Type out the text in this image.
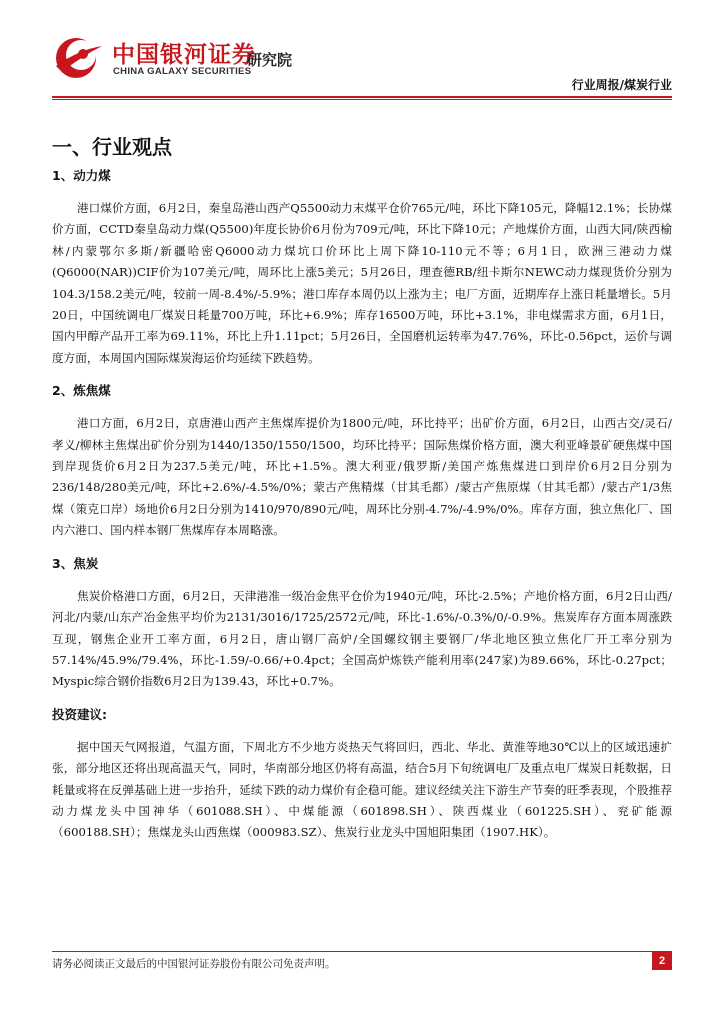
中国银河证券
CHINA GALAXY SECURITIES
研究院
行业周报/煤炭行业
一、行业观点
1、动力煤

港口煤价方面，6月2日，秦皇岛港山西产Q5500动力末煤平仓价765元/吨，环比下降105元，降幅12.1%；长协煤价方面，CCTD秦皇岛动力煤(Q5500)年度长协价6月份为709元/吨，环比下降10元；产地煤价方面，山西大同/陕西榆林/内蒙鄂尔多斯/新疆哈密Q6000动力煤坑口价环比上周下降10-110元不等；6月1日，欧洲三港动力煤(Q6000(NAR))CIF价为107美元/吨，周环比上涨5美元；5月26日，理查德RB/纽卡斯尔NEWC动力煤现货价分别为104.3/158.2美元/吨，较前一周-8.4%/-5.9%；港口库存本周仍以上涨为主；电厂方面，近期库存上涨日耗量增长。5月20日，中国统调电厂煤炭日耗量700万吨，环比+6.9%；库存16500万吨，环比+3.1%，非电煤需求方面，6月1日，国内甲醇产品开工率为69.11%，环比上升1.11pct；5月26日，全国磨机运转率为47.76%，环比-0.56pct，运价与调度方面，本周国内国际煤炭海运价均延续下跌趋势。

2、炼焦煤

港口方面，6月2日，京唐港山西产主焦煤库提价为1800元/吨，环比持平；出矿价方面，6月2日，山西古交/灵石/孝义/柳林主焦煤出矿价分别为1440/1350/1550/1500，均环比持平；国际焦煤价格方面，澳大利亚峰景矿硬焦煤中国到岸现货价6月2日为237.5美元/吨，环比+1.5%。澳大利亚/俄罗斯/美国产炼焦煤进口到岸价6月2日分别为236/148/280美元/吨，环比+2.6%/-4.5%/0%；蒙古产焦精煤（甘其毛都）/蒙古产焦原煤（甘其毛都）/蒙古产1/3焦煤（策克口岸）场地价6月2日分别为1410/970/890元/吨，周环比分别-4.7%/-4.9%/0%。库存方面，独立焦化厂、国内六港口、国内样本钢厂焦煤库存本周略涨。

3、焦炭

焦炭价格港口方面，6月2日，天津港准一级冶金焦平仓价为1940元/吨，环比-2.5%；产地价格方面，6月2日山西/河北/内蒙/山东产冶金焦平均价为2131/3016/1725/2572元/吨，环比-1.6%/-0.3%/0/-0.9%。焦炭库存方面本周涨跌互现，钢焦企业开工率方面，6月2日，唐山钢厂高炉/全国螺纹钢主要钢厂/华北地区独立焦化厂开工率分别为57.14%/45.9%/79.4%，环比-1.59/-0.66/+0.4pct；全国高炉炼铁产能利用率(247家)为89.66%，环比-0.27pct；Myspic综合钢价指数6月2日为139.43，环比+0.7%。

投资建议:

据中国天气网报道，气温方面，下周北方不少地方炎热天气将回归，西北、华北、黄淮等地30℃以上的区域迅速扩张，部分地区还将出现高温天气，同时，华南部分地区仍将有高温，结合5月下旬统调电厂及重点电厂煤炭日耗数据，日耗量或将在反弹基础上进一步抬升，延续下跌的动力煤价有企稳可能。建议经续关注下游生产节奏的旺季表现，个股推荐动力煤龙头中国神华（601088.SH）、中煤能源（601898.SH）、陕西煤业（601225.SH）、兖矿能源（600188.SH）；焦煤龙头山西焦煤（000983.SZ）、焦炭行业龙头中国旭阳集团（1907.HK）。

请务必阅读正文最后的中国银河证券股份有限公司免责声明。	2
